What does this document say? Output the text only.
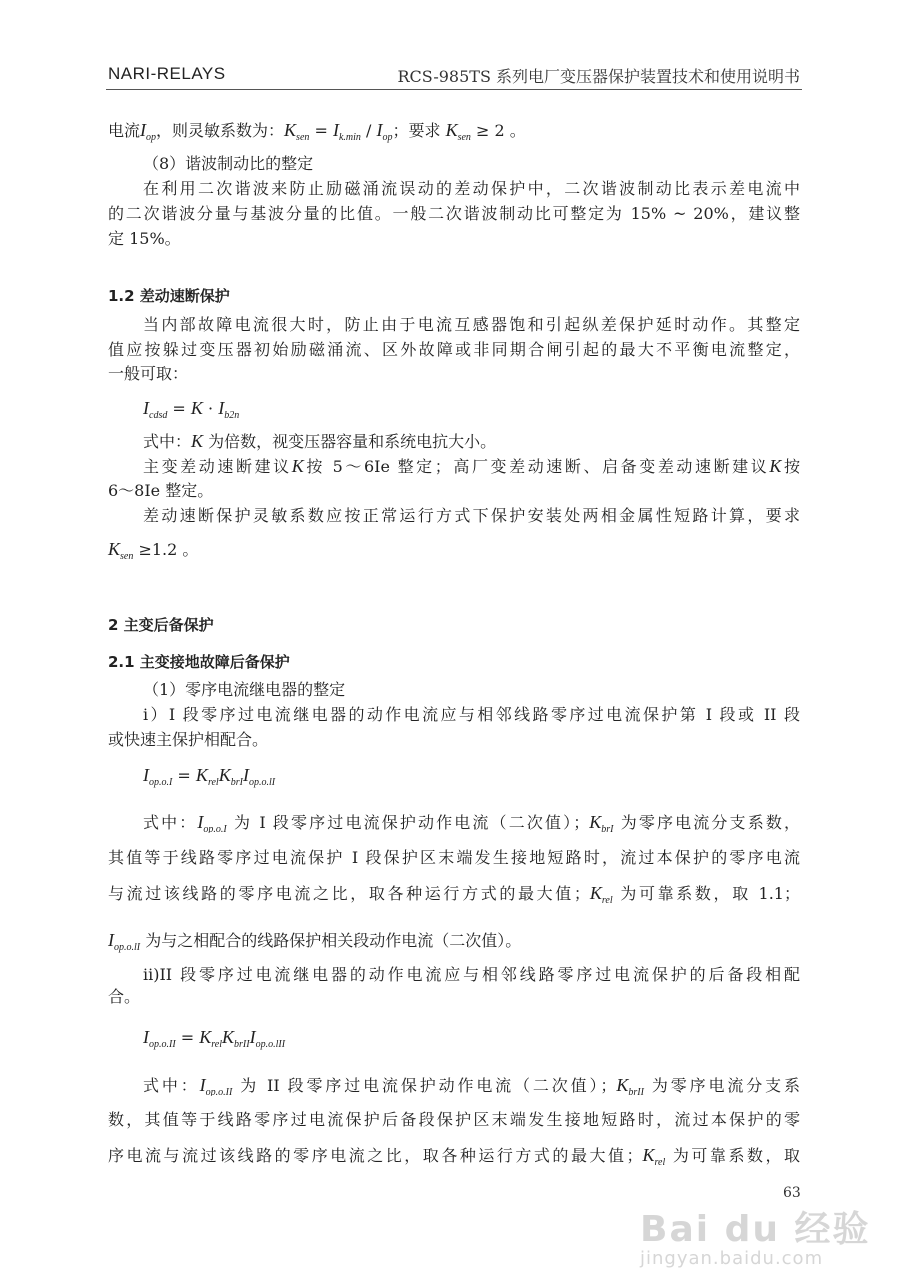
NARI-RELAYS	RCS-985TS 系列电厂变压器保护装置技术和使用说明书
电流$I_{op}$，则灵敏系数为：$K_{sen} = I_{k.min} / I_{op}$；要求 $K_{sen} \ge 2$ 。
（8）谐波制动比的整定
在利用二次谐波来防止励磁涌流误动的差动保护中，二次谐波制动比表示差电流中
的二次谐波分量与基波分量的比值。一般二次谐波制动比可整定为 15% ~ 20%，建议整
定 15%。
1.2 差动速断保护
当内部故障电流很大时，防止由于电流互感器饱和引起纵差保护延时动作。其整定
值应按躲过变压器初始励磁涌流、区外故障或非同期合闸引起的最大不平衡电流整定，
一般可取：
$I_{cdsd} = K \cdot I_{b2n}$
式中：K 为倍数，视变压器容量和系统电抗大小。
主变差动速断建议K按 5～6Ie 整定；高厂变差动速断、启备变差动速断建议K按
6～8Ie 整定。
差动速断保护灵敏系数应按正常运行方式下保护安装处两相金属性短路计算，要求
$K_{sen} \ge 1.2$ 。
2 主变后备保护
2.1 主变接地故障后备保护
（1）零序电流继电器的整定
i）I 段零序过电流继电器的动作电流应与相邻线路零序过电流保护第 I 段或 II 段
或快速主保护相配合。
$I_{op.o.I} = K_{rel}K_{brI}I_{op.o.lI}$
式中：$I_{op.o.I}$ 为 I 段零序过电流保护动作电流（二次值）；$K_{brI}$ 为零序电流分支系数，
其值等于线路零序过电流保护 I 段保护区末端发生接地短路时，流过本保护的零序电流
与流过该线路的零序电流之比，取各种运行方式的最大值；$K_{rel}$ 为可靠系数，取 1.1；
$I_{op.o.lI}$ 为与之相配合的线路保护相关段动作电流（二次值）。
ii)II 段零序过电流继电器的动作电流应与相邻线路零序过电流保护的后备段相配
合。
$I_{op.o.II} = K_{rel}K_{brII}I_{op.o.lII}$
式中：$I_{op.o.II}$ 为 II 段零序过电流保护动作电流（二次值）；$K_{brII}$ 为零序电流分支系
数，其值等于线路零序过电流保护后备段保护区末端发生接地短路时，流过本保护的零
序电流与流过该线路的零序电流之比，取各种运行方式的最大值；$K_{rel}$ 为可靠系数，取
63
Bai du 经验
jingyan.baidu.com
